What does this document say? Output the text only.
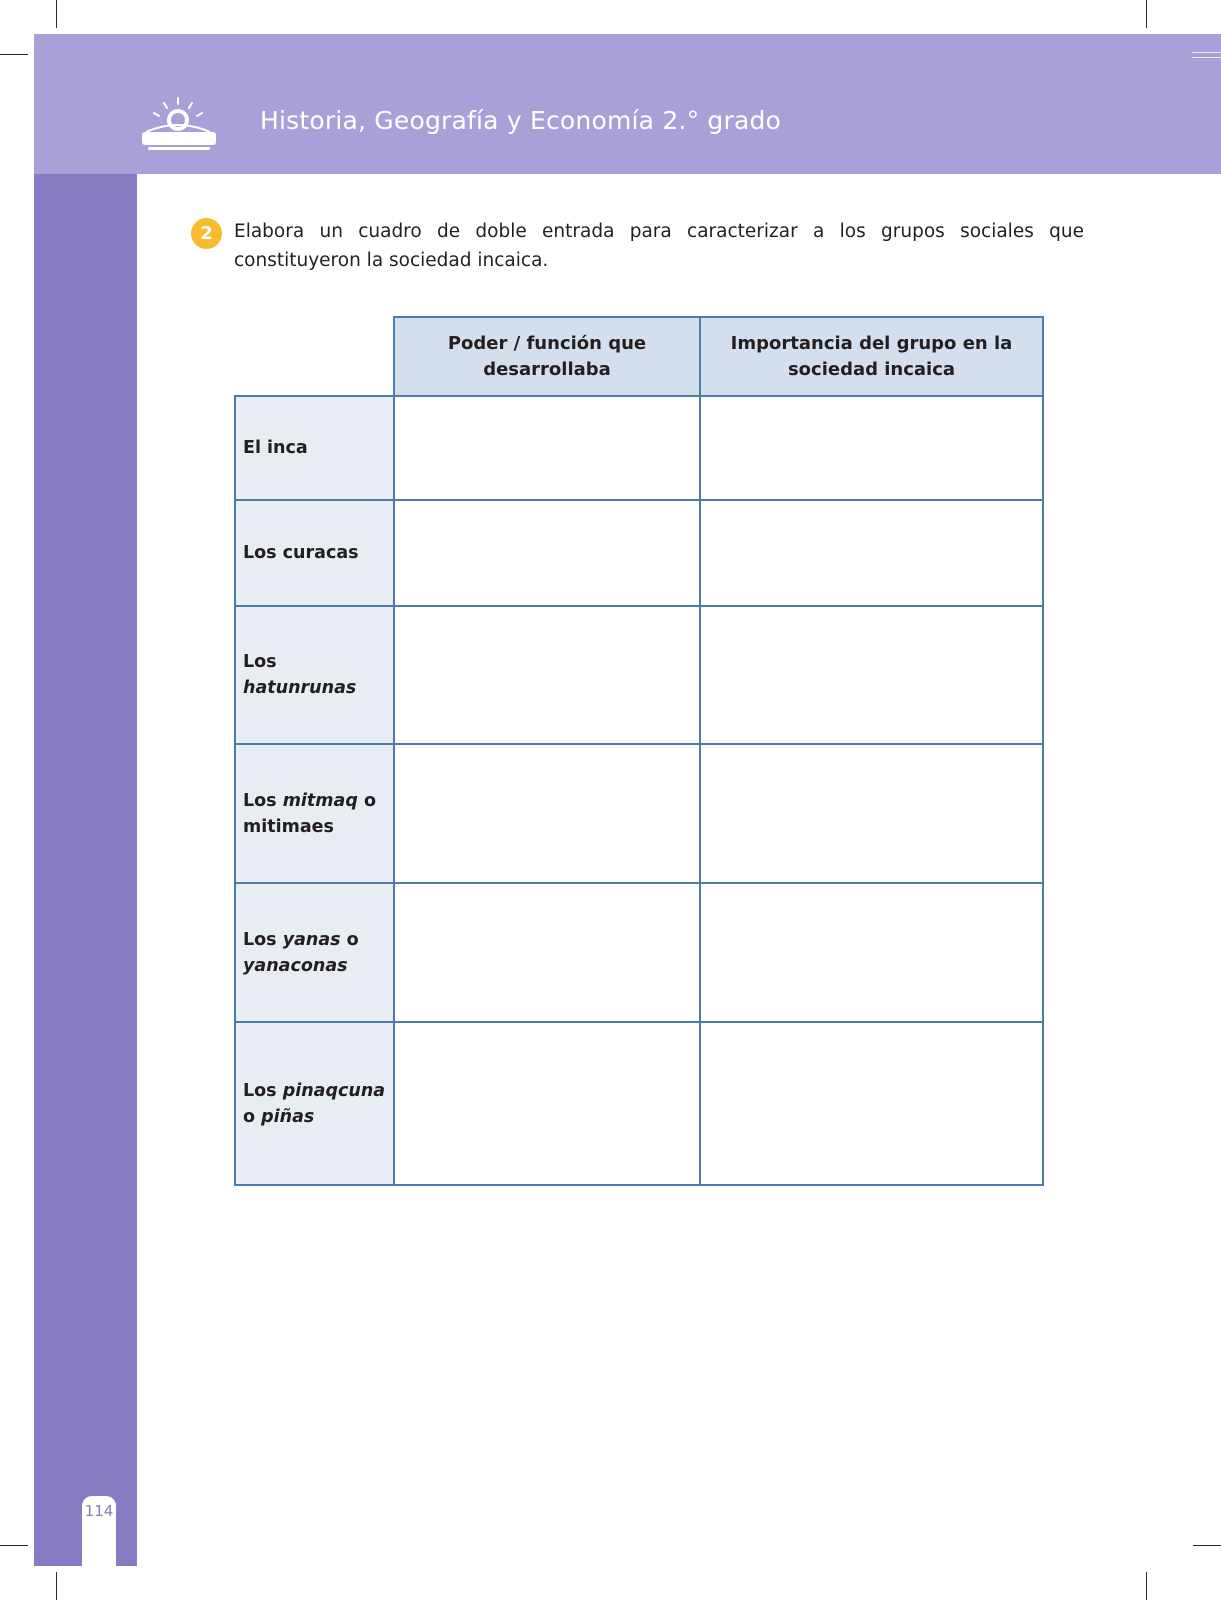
Historia, Geografía y Economía 2.° grado
2	Elabora un cuadro de doble entrada para caracterizar a los grupos sociales que constituyeron la sociedad incaica.

	Poder / función que desarrollaba	Importancia del grupo en la sociedad incaica
El inca		
Los curacas		
Los hatunrunas		
Los mitmaq o mitimaes		
Los yanas o yanaconas		
Los pinaqcuna o piñas		
114
